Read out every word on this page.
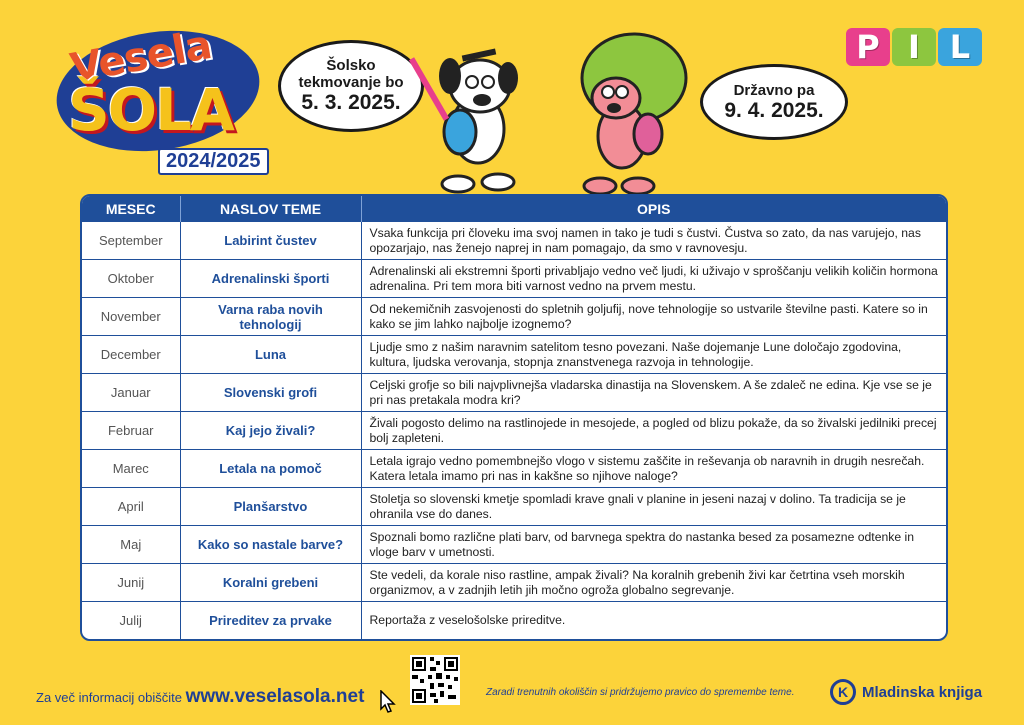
Vesela
ŠOLA
2024/2025
Šolsko
tekmovanje bo
5. 3. 2025.
Državno pa
9. 4. 2025.
P I L
MESEC	NASLOV TEME	OPIS
September	Labirint čustev	Vsaka funkcija pri človeku ima svoj namen in tako je tudi s čustvi. Čustva so zato, da nas varujejo, nas opozarjajo, nas ženejo naprej in nam pomagajo, da smo v ravnovesju.
Oktober	Adrenalinski športi	Adrenalinski ali ekstremni športi privabljajo vedno več ljudi, ki uživajo v sproščanju velikih količin hormona adrenalina. Pri tem mora biti varnost vedno na prvem mestu.
November	Varna raba novih tehnologij	Od nekemičnih zasvojenosti do spletnih goljufij, nove tehnologije so ustvarile številne pasti. Katere so in kako se jim lahko najbolje izognemo?
December	Luna	Ljudje smo z našim naravnim satelitom tesno povezani. Naše dojemanje Lune določajo zgodovina, kultura, ljudska verovanja, stopnja znanstvenega razvoja in tehnologije.
Januar	Slovenski grofi	Celjski grofje so bili najvplivnejša vladarska dinastija na Slovenskem. A še zdaleč ne edina. Kje vse se je pri nas pretakala modra kri?
Februar	Kaj jejo živali?	Živali pogosto delimo na rastlinojede in mesojede, a pogled od blizu pokaže, da so živalski jedilniki precej bolj zapleteni.
Marec	Letala na pomoč	Letala igrajo vedno pomembnejšo vlogo v sistemu zaščite in reševanja ob naravnih in drugih nesrečah. Katera letala imamo pri nas in kakšne so njihove naloge?
April	Planšarstvo	Stoletja so slovenski kmetje spomladi krave gnali v planine in jeseni nazaj v dolino. Ta tradicija se je ohranila vse do danes.
Maj	Kako so nastale barve?	Spoznali bomo različne plati barv, od barvnega spektra do nastanka besed za posamezne odtenke in vloge barv v umetnosti.
Junij	Koralni grebeni	Ste vedeli, da korale niso rastline, ampak živali? Na koralnih grebenih živi kar četrtina vseh morskih organizmov, a v zadnjih letih jih močno ogroža globalno segrevanje.
Julij	Prireditev za prvake	Reportaža z veselošolske prireditve.
Za več informacij obiščite www.veselasola.net	Zaradi trenutnih okoliščin si pridržujemo pravico do spremembe teme.	K Mladinska knjiga
